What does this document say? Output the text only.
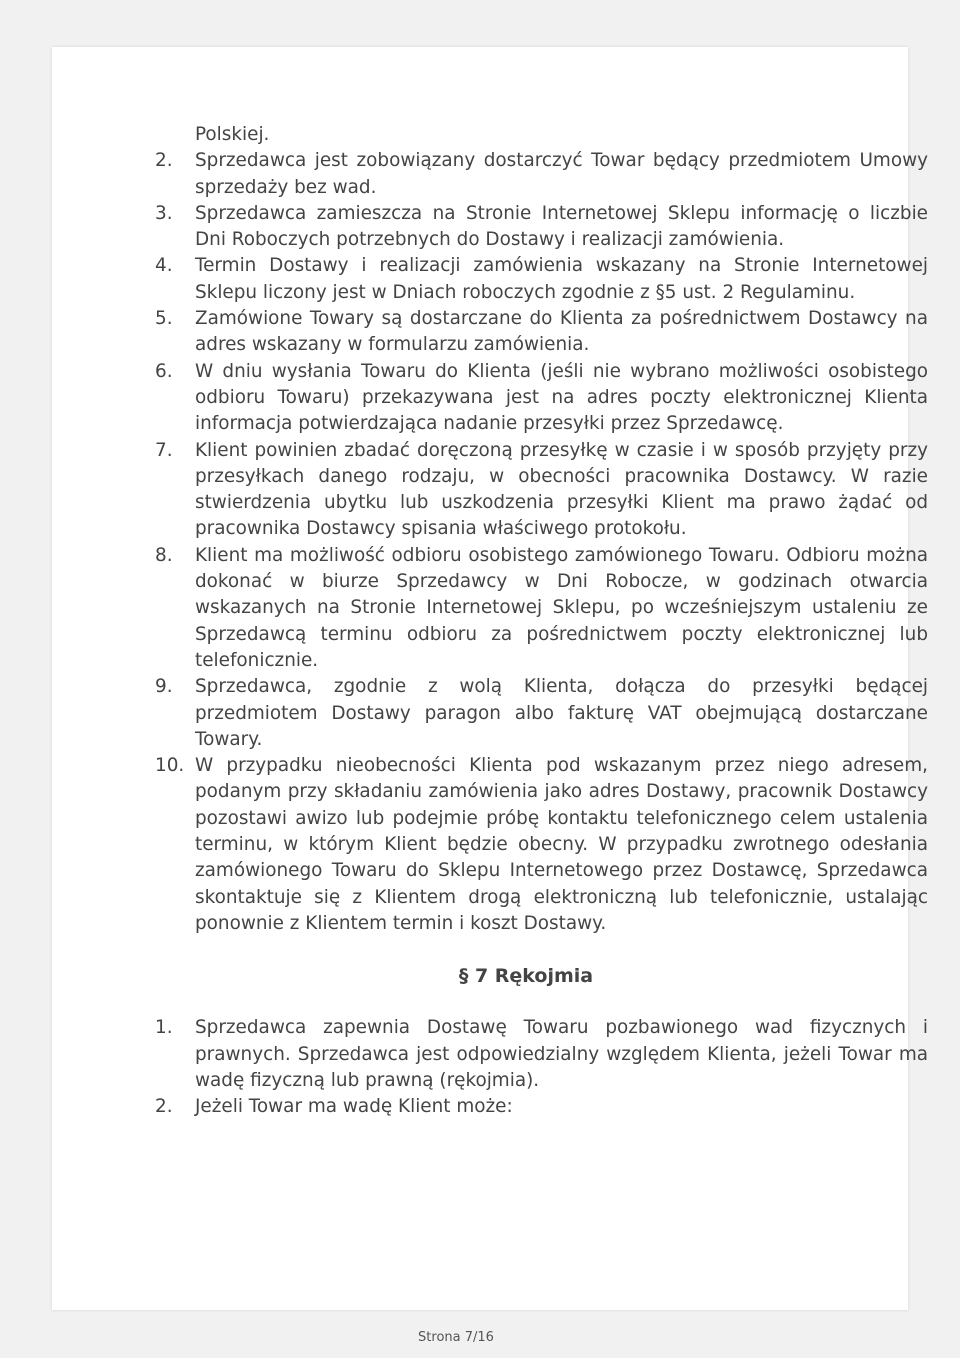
Polskiej.
2.	Sprzedawca jest zobowiązany dostarczyć Towar będący przedmiotem Umowy sprzedaży bez wad.
3.	Sprzedawca zamieszcza na Stronie Internetowej Sklepu informację o liczbie Dni Roboczych potrzebnych do Dostawy i realizacji zamówienia.
4.	Termin Dostawy i realizacji zamówienia wskazany na Stronie Internetowej Sklepu liczony jest w Dniach roboczych zgodnie z §5 ust. 2 Regulaminu.
5.	Zamówione Towary są dostarczane do Klienta za pośrednictwem Dostawcy na adres wskazany w formularzu zamówienia.
6.	W dniu wysłania Towaru do Klienta (jeśli nie wybrano możliwości osobistego odbioru Towaru) przekazywana jest na adres poczty elektronicznej Klienta informacja potwierdzająca nadanie przesyłki przez Sprzedawcę.
7.	Klient powinien zbadać doręczoną przesyłkę w czasie i w sposób przyjęty przy przesyłkach danego rodzaju, w obecności pracownika Dostawcy. W razie stwierdzenia ubytku lub uszkodzenia przesyłki Klient ma prawo żądać od pracownika Dostawcy spisania właściwego protokołu.
8.	Klient ma możliwość odbioru osobistego zamówionego Towaru. Odbioru można dokonać w biurze Sprzedawcy w Dni Robocze, w godzinach otwarcia wskazanych na Stronie Internetowej Sklepu, po wcześniejszym ustaleniu ze Sprzedawcą terminu odbioru za pośrednictwem poczty elektronicznej lub telefonicznie.
9.	Sprzedawca, zgodnie z wolą Klienta, dołącza do przesyłki będącej przedmiotem Dostawy paragon albo fakturę VAT obejmującą dostarczane Towary.
10. W przypadku nieobecności Klienta pod wskazanym przez niego adresem, podanym przy składaniu zamówienia jako adres Dostawy, pracownik Dostawcy pozostawi awizo lub podejmie próbę kontaktu telefonicznego celem ustalenia terminu, w którym Klient będzie obecny. W przypadku zwrotnego odesłania zamówionego Towaru do Sklepu Internetowego przez Dostawcę, Sprzedawca skontaktuje się z Klientem drogą elektroniczną lub telefonicznie, ustalając ponownie z Klientem termin i koszt Dostawy.
§ 7 Rękojmia
1.	Sprzedawca zapewnia Dostawę Towaru pozbawionego wad fizycznych i prawnych. Sprzedawca jest odpowiedzialny względem Klienta, jeżeli Towar ma wadę fizyczną lub prawną (rękojmia).
2.	Jeżeli Towar ma wadę Klient może:
Strona 7/16
